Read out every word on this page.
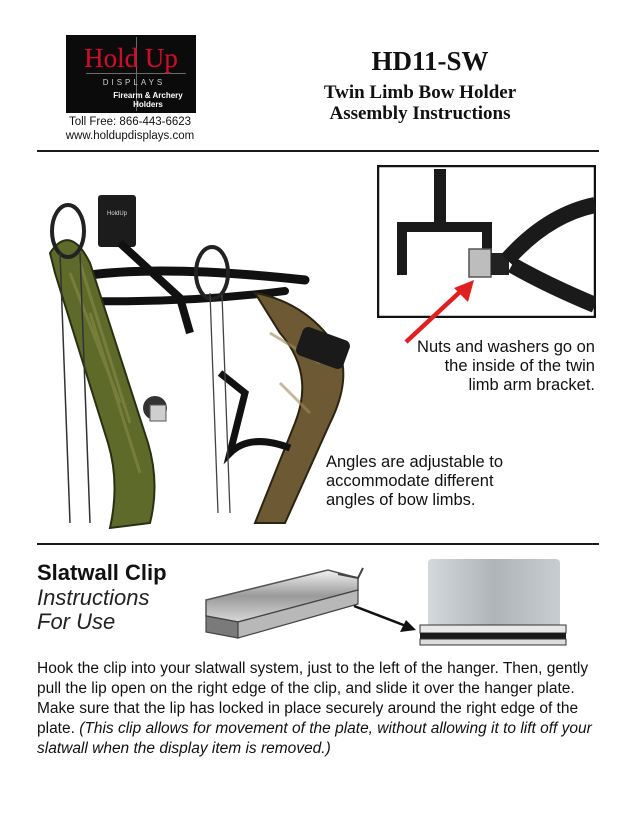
Hold Up
DISPLAYS
Firearm & Archery
Holders
Toll Free: 866-443-6623
www.holdupdisplays.com
HD11-SW
Twin Limb Bow Holder
Assembly Instructions
HoldUp
Nuts and washers go on
the inside of the twin
limb arm bracket.
Angles are adjustable to
accommodate different
angles of bow limbs.
Slatwall Clip
Instructions
For Use
Hook the clip into your slatwall system, just to the left of the hanger. Then, gently pull the lip open on the right edge of the clip, and slide it over the hanger plate. Make sure that the lip has locked in place securely around the right edge of the plate. (This clip allows for movement of the plate, without allowing it to lift off your slatwall when the display item is removed.)
